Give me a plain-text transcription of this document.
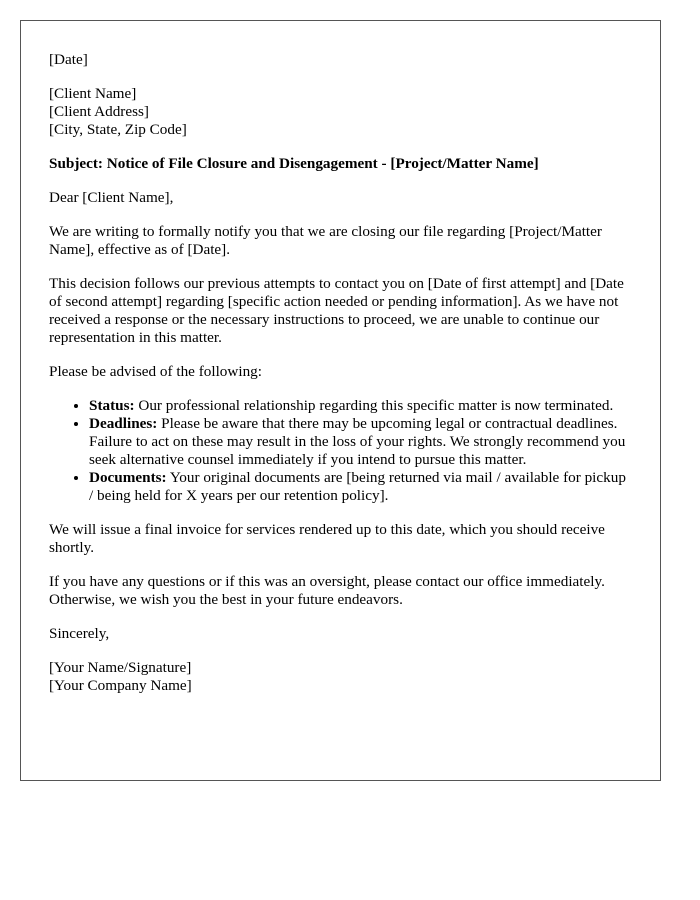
[Date]

[Client Name]
[Client Address]
[City, State, Zip Code]

Subject: Notice of File Closure and Disengagement - [Project/Matter Name]

Dear [Client Name],

We are writing to formally notify you that we are closing our file regarding [Project/Matter Name], effective as of [Date].

This decision follows our previous attempts to contact you on [Date of first attempt] and [Date of second attempt] regarding [specific action needed or pending information]. As we have not received a response or the necessary instructions to proceed, we are unable to continue our representation in this matter.

Please be advised of the following:

• Status: Our professional relationship regarding this specific matter is now terminated.
• Deadlines: Please be aware that there may be upcoming legal or contractual deadlines. Failure to act on these may result in the loss of your rights. We strongly recommend you seek alternative counsel immediately if you intend to pursue this matter.
• Documents: Your original documents are [being returned via mail / available for pickup / being held for X years per our retention policy].

We will issue a final invoice for services rendered up to this date, which you should receive shortly.

If you have any questions or if this was an oversight, please contact our office immediately. Otherwise, we wish you the best in your future endeavors.

Sincerely,

[Your Name/Signature]
[Your Company Name]
